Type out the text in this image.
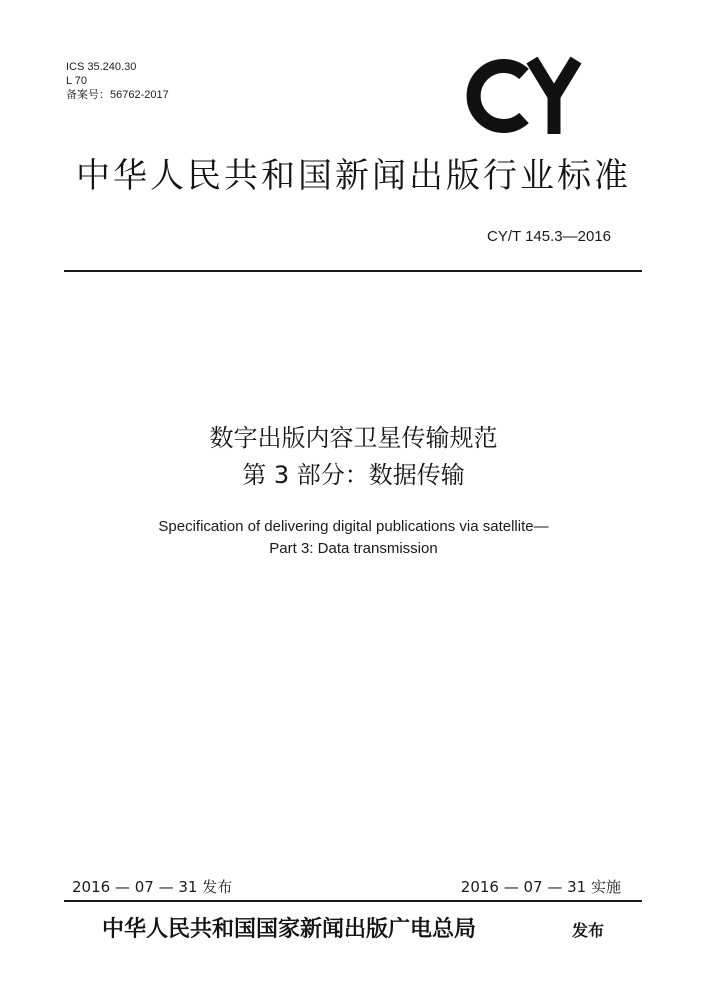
ICS 35.240.30
L 70
备案号：56762-2017
中华人民共和国新闻出版行业标准
CY/T 145.3—2016
数字出版内容卫星传输规范
第 3 部分：数据传输
Specification of delivering digital publications via satellite—
Part 3: Data transmission
2016 — 07 — 31 发布	2016 — 07 — 31 实施
中华人民共和国国家新闻出版广电总局	发布
